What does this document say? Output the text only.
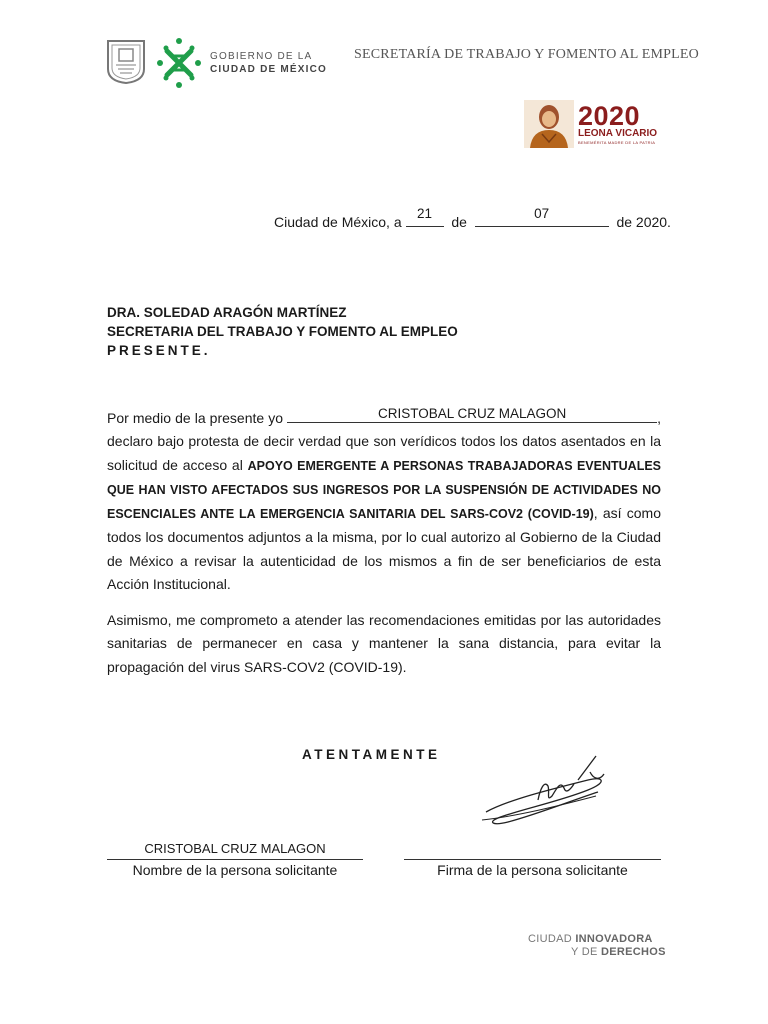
GOBIERNO DE LA
CIUDAD DE MÉXICO
SECRETARÍA DE TRABAJO Y FOMENTO AL EMPLEO
2020
LEONA VICARIO
BENEMÉRITA MADRE DE LA PATRIA
Ciudad de México, a
21
de
07
de 2020.
DRA. SOLEDAD ARAGÓN MARTÍNEZ
SECRETARIA DEL TRABAJO Y FOMENTO AL EMPLEO
PRESENTE.
Por medio de la presente yo	CRISTOBAL CRUZ MALAGON	, declaro bajo protesta de decir verdad que son verídicos todos los datos asentados en la solicitud de acceso al APOYO EMERGENTE A PERSONAS TRABAJADORAS EVENTUALES QUE HAN VISTO AFECTADOS SUS INGRESOS POR LA SUSPENSIÓN DE ACTIVIDADES NO ESCENCIALES ANTE LA EMERGENCIA SANITARIA DEL SARS-COV2 (COVID-19), así como todos los documentos adjuntos a la misma, por lo cual autorizo al Gobierno de la Ciudad de México a revisar la autenticidad de los mismos a fin de ser beneficiarios de esta Acción Institucional.
Asimismo, me comprometo a atender las recomendaciones emitidas por las autoridades sanitarias de permanecer en casa y mantener la sana distancia, para evitar la propagación del virus SARS-COV2 (COVID-19).
ATENTAMENTE
CRISTOBAL CRUZ MALAGON
Nombre de la persona solicitante	Firma de la persona solicitante
CIUDAD INNOVADORA
Y DE DERECHOS
